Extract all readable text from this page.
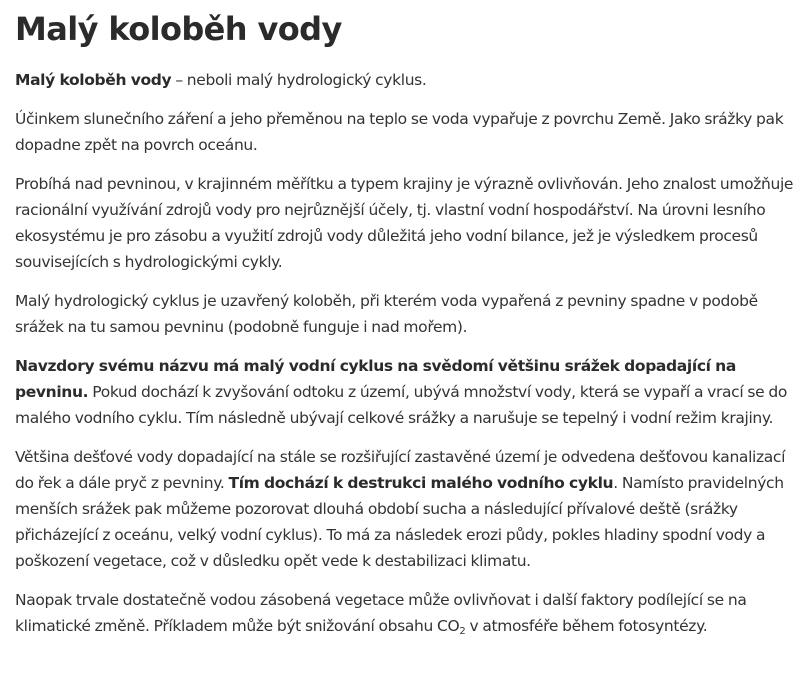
Malý koloběh vody

Malý koloběh vody – neboli malý hydrologický cyklus.

Účinkem slunečního záření a jeho přeměnou na teplo se voda vypařuje z povrchu Země. Jako srážky pak dopadne zpět na povrch oceánu.

Probíhá nad pevninou, v krajinném měřítku a typem krajiny je výrazně ovlivňován. Jeho znalost umožňuje racionální využívání zdrojů vody pro nejrůznější účely, tj. vlastní vodní hospodářství. Na úrovni lesního ekosystému je pro zásobu a využití zdrojů vody důležitá jeho vodní bilance, jež je výsledkem procesů souvisejících s hydrologickými cykly.

Malý hydrologický cyklus je uzavřený koloběh, při kterém voda vypařená z pevniny spadne v podobě srážek na tu samou pevninu (podobně funguje i nad mořem).

Navzdory svému názvu má malý vodní cyklus na svědomí většinu srážek dopadající na pevninu. Pokud dochází k zvyšování odtoku z území, ubývá množství vody, která se vypaří a vrací se do malého vodního cyklu. Tím následně ubývají celkové srážky a narušuje se tepelný i vodní režim krajiny.

Většina dešťové vody dopadající na stále se rozšiřující zastavěné území je odvedena dešťovou kanalizací do řek a dále pryč z pevniny. Tím dochází k destrukci malého vodního cyklu. Namísto pravidelných menších srážek pak můžeme pozorovat dlouhá období sucha a následující přívalové deště (srážky přicházející z oceánu, velký vodní cyklus). To má za následek erozi půdy, pokles hladiny spodní vody a poškození vegetace, což v důsledku opět vede k destabilizaci klimatu.

Naopak trvale dostatečně vodou zásobená vegetace může ovlivňovat i další faktory podílející se na klimatické změně. Příkladem může být snižování obsahu $CO_2$ v atmosféře během fotosyntézy.
